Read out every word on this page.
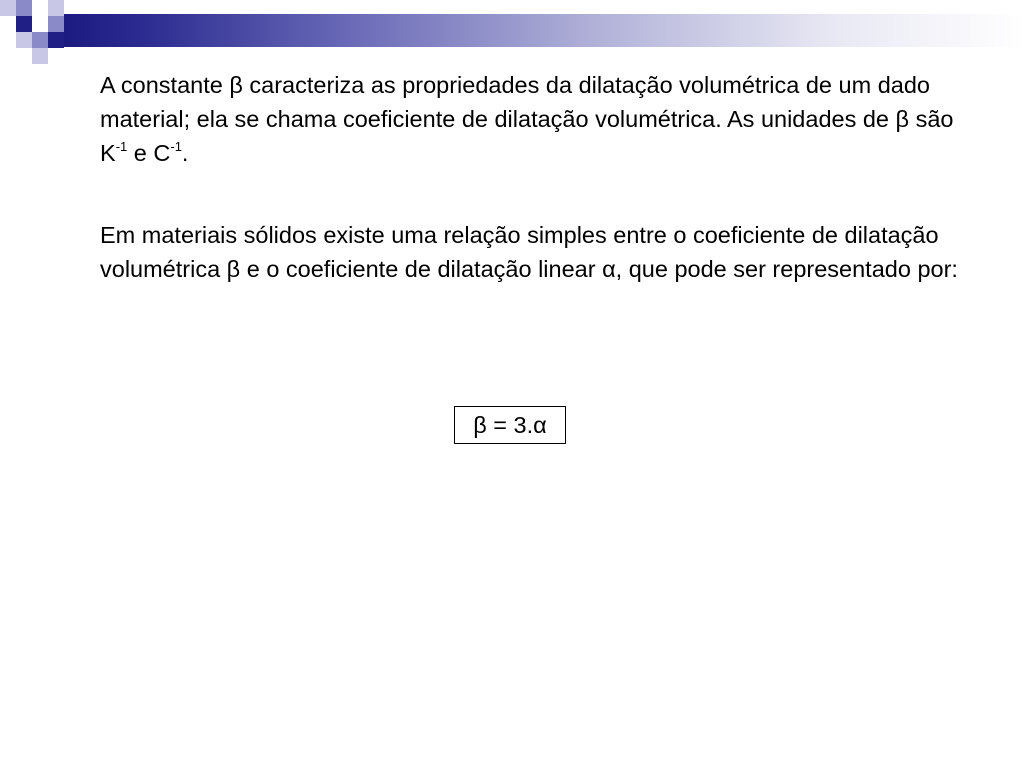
A constante β caracteriza as propriedades da dilatação volumétrica de um dado material; ela se chama coeficiente de dilatação volumétrica. As unidades de β são $K^{-1}$ e $C^{-1}$.

Em materiais sólidos existe uma relação simples entre o coeficiente de dilatação volumétrica β e o coeficiente de dilatação linear α, que pode ser representado por:

β = 3.α
